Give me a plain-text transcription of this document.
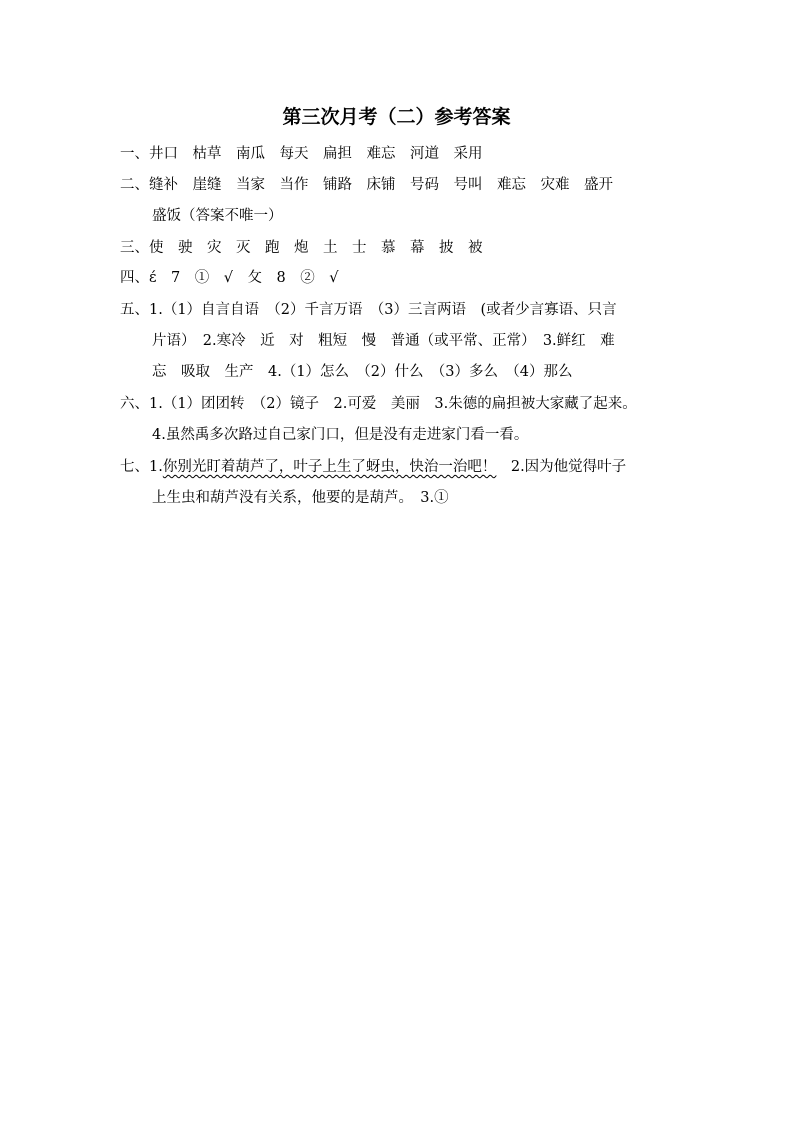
第三次月考（二）参考答案
一、井口　枯草　南瓜　每天　扁担　难忘　河道　采用
二、缝补　崖缝　当家　当作　铺路　床铺　号码　号叫　难忘　灾难　盛开
盛饭（答案不唯一）
三、使　驶　灾　灭　跑　炮　土　士　慕　幕　披　被
四、ɛ́　7　①　√　攵　8　②　√
五、1.（1）自言自语　（2）千言万语　（3）三言两语　(或者少言寡语、只言
片语）　2.寒冷　近　对　粗短　慢　普通（或平常、正常）　3.鲜红　难
忘　吸取　生产　4.（1）怎么　（2）什么　（3）多么　（4）那么
六、1.（1）团团转　（2）镜子　2.可爱　美丽　3.朱德的扁担被大家藏了起来。
4.虽然禹多次路过自己家门口，但是没有走进家门看一看。
七、1.你别光盯着葫芦了，叶子上生了蚜虫，快治一治吧！　2.因为他觉得叶子
上生虫和葫芦没有关系，他要的是葫芦。　3.①
